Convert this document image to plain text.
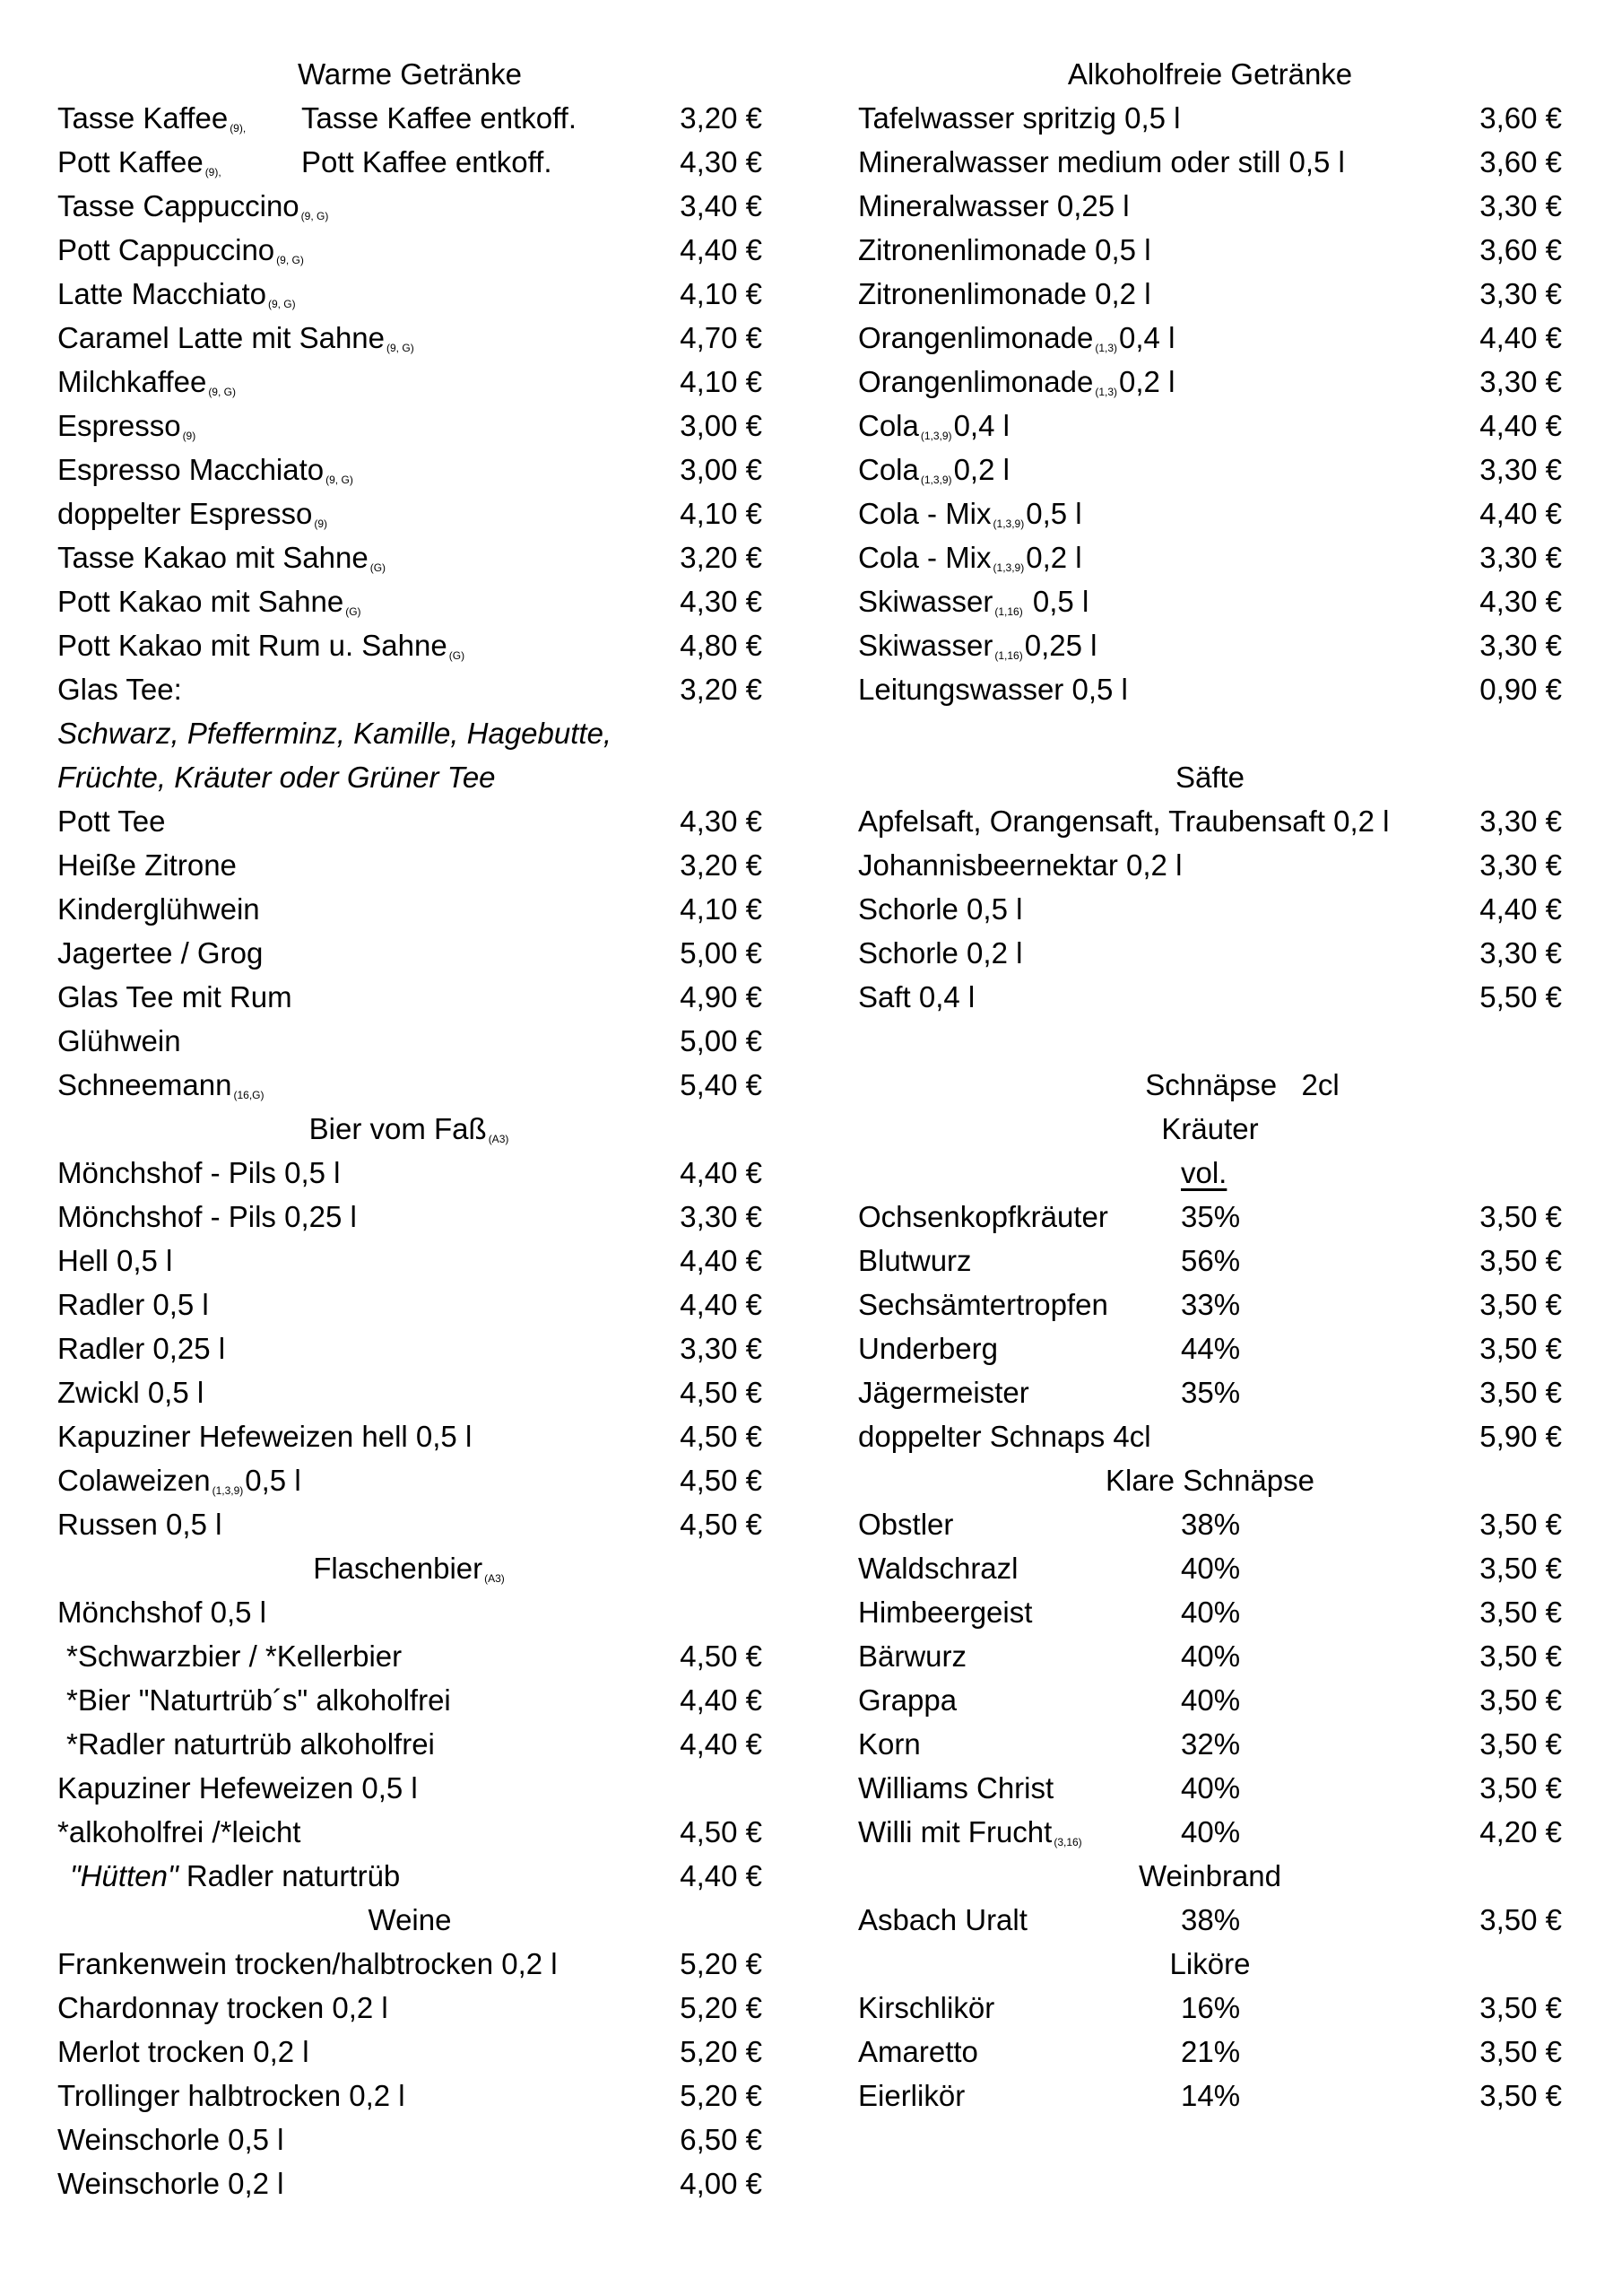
Warme Getränke
Tasse Kaffee $_{(9),}$ Tasse Kaffee entkoff.	3,20 €
Pott Kaffee $_{(9),}$	Pott Kaffee entkoff.	4,30 €
Tasse Cappuccino $_{(9, G)}$	3,40 €
Pott Cappuccino $_{(9, G)}$	4,40 €
Latte Macchiato $_{(9, G)}$	4,10 €
Caramel Latte mit Sahne $_{(9, G)}$	4,70 €
Milchkaffee $_{(9, G)}$	4,10 €
Espresso $_{(9)}$	3,00 €
Espresso Macchiato $_{(9, G)}$	3,00 €
doppelter Espresso $_{(9)}$	4,10 €
Tasse Kakao mit Sahne $_{(G)}$	3,20 €
Pott Kakao mit Sahne $_{(G)}$	4,30 €
Pott Kakao mit Rum u. Sahne $_{(G)}$	4,80 €
Glas Tee:	3,20 €
Schwarz, Pfefferminz, Kamille, Hagebutte,
Früchte, Kräuter oder Grüner Tee
Pott Tee	4,30 €
Heiße Zitrone	3,20 €
Kinderglühwein	4,10 €
Jagertee / Grog	5,00 €
Glas Tee mit Rum	4,90 €
Glühwein	5,00 €
Schneemann $_{(16,G)}$	5,40 €
Bier vom Faß $_{(A3)}$
Mönchshof - Pils 0,5 l	4,40 €
Mönchshof - Pils 0,25 l	3,30 €
Hell 0,5 l	4,40 €
Radler 0,5 l	4,40 €
Radler 0,25 l	3,30 €
Zwickl 0,5 l	4,50 €
Kapuziner Hefeweizen hell 0,5 l	4,50 €
Colaweizen $_{(1,3,9)}$0,5 l	4,50 €
Russen 0,5 l	4,50 €
Flaschenbier $_{(A3)}$
Mönchshof 0,5 l
*Schwarzbier / *Kellerbier	4,50 €
*Bier "Naturtrüb´s" alkoholfrei	4,40 €
*Radler naturtrüb alkoholfrei	4,40 €
Kapuziner Hefeweizen 0,5 l
*alkoholfrei /*leicht	4,50 €
"Hütten" Radler naturtrüb	4,40 €
Weine
Frankenwein trocken/halbtrocken 0,2 l	5,20 €
Chardonnay trocken 0,2 l	5,20 €
Merlot trocken 0,2 l	5,20 €
Trollinger halbtrocken 0,2 l	5,20 €
Weinschorle 0,5 l	6,50 €
Weinschorle 0,2 l	4,00 €
Alkoholfreie Getränke
Tafelwasser spritzig 0,5 l	3,60 €
Mineralwasser medium oder still 0,5 l	3,60 €
Mineralwasser 0,25 l	3,30 €
Zitronenlimonade 0,5 l	3,60 €
Zitronenlimonade 0,2 l	3,30 €
Orangenlimonade $_{(1,3)}$0,4 l	4,40 €
Orangenlimonade $_{(1,3)}$0,2 l	3,30 €
Cola $_{(1,3,9)}$0,4 l	4,40 €
Cola $_{(1,3,9)}$0,2 l	3,30 €
Cola - Mix $_{(1,3,9)}$0,5 l	4,40 €
Cola - Mix $_{(1,3,9)}$0,2 l	3,30 €
Skiwasser $_{(1,16)}$ 0,5 l	4,30 €
Skiwasser $_{(1,16)}$0,25 l	3,30 €
Leitungswasser 0,5 l	0,90 €
Säfte
Apfelsaft, Orangensaft, Traubensaft 0,2 l	3,30 €
Johannisbeernektar 0,2 l	3,30 €
Schorle 0,5 l	4,40 €
Schorle 0,2 l	3,30 €
Saft 0,4 l	5,50 €
Schnäpse   2cl
Kräuter
vol.
Ochsenkopfkräuter 35%	3,50 €
Blutwurz	56%	3,50 €
Sechsämtertropfen 33%	3,50 €
Underberg	44%	3,50 €
Jägermeister	35%	3,50 €
doppelter Schnaps 4cl	5,90 €
Klare Schnäpse
Obstler	38%	3,50 €
Waldschrazl	40%	3,50 €
Himbeergeist	40%	3,50 €
Bärwurz	40%	3,50 €
Grappa	40%	3,50 €
Korn	32%	3,50 €
Williams Christ	40%	3,50 €
Willi mit Frucht $_{(3,16)}$	40%	4,20 €
Weinbrand
Asbach Uralt	38%	3,50 €
Liköre
Kirschlikör	16%	3,50 €
Amaretto	21%	3,50 €
Eierlikör	14%	3,50 €
